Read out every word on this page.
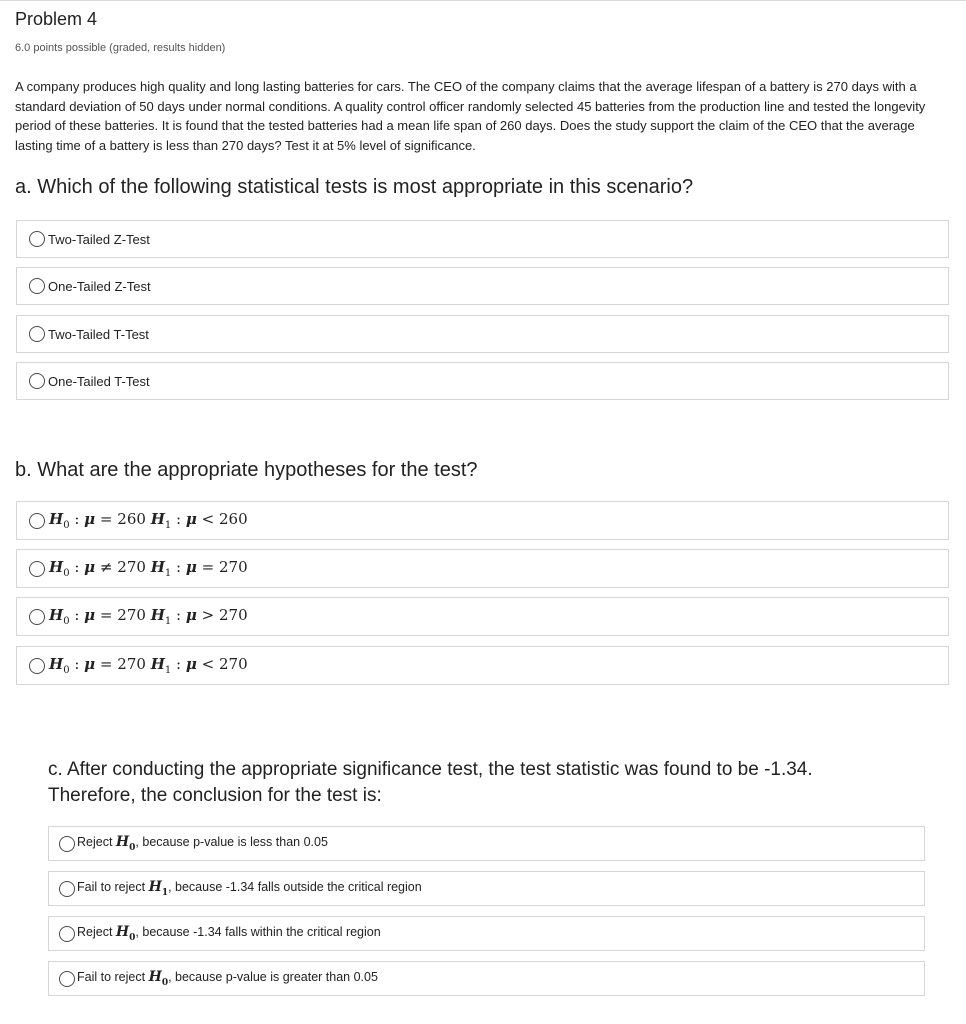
Problem 4
6.0 points possible (graded, results hidden)
A company produces high quality and long lasting batteries for cars. The CEO of the company claims that the average lifespan of a battery is 270 days with a standard deviation of 50 days under normal conditions. A quality control officer randomly selected 45 batteries from the production line and tested the longevity period of these batteries. It is found that the tested batteries had a mean life span of 260 days. Does the study support the claim of the CEO that the average lasting time of a battery is less than 270 days? Test it at 5% level of significance.
a. Which of the following statistical tests is most appropriate in this scenario?
Two-Tailed Z-Test
One-Tailed Z-Test
Two-Tailed T-Test
One-Tailed T-Test
b. What are the appropriate hypotheses for the test?
$H_0$ : μ = 260 $H_1$ : μ < 260
$H_0$ : μ ≠ 270 $H_1$ : μ = 270
$H_0$ : μ = 270 $H_1$ : μ > 270
$H_0$ : μ = 270 $H_1$ : μ < 270
c. After conducting the appropriate significance test, the test statistic was found to be -1.34.
Therefore, the conclusion for the test is:
Reject $H_0$, because p-value is less than 0.05
Fail to reject $H_1$, because -1.34 falls outside the critical region
Reject $H_0$, because -1.34 falls within the critical region
Fail to reject $H_0$, because p-value is greater than 0.05
